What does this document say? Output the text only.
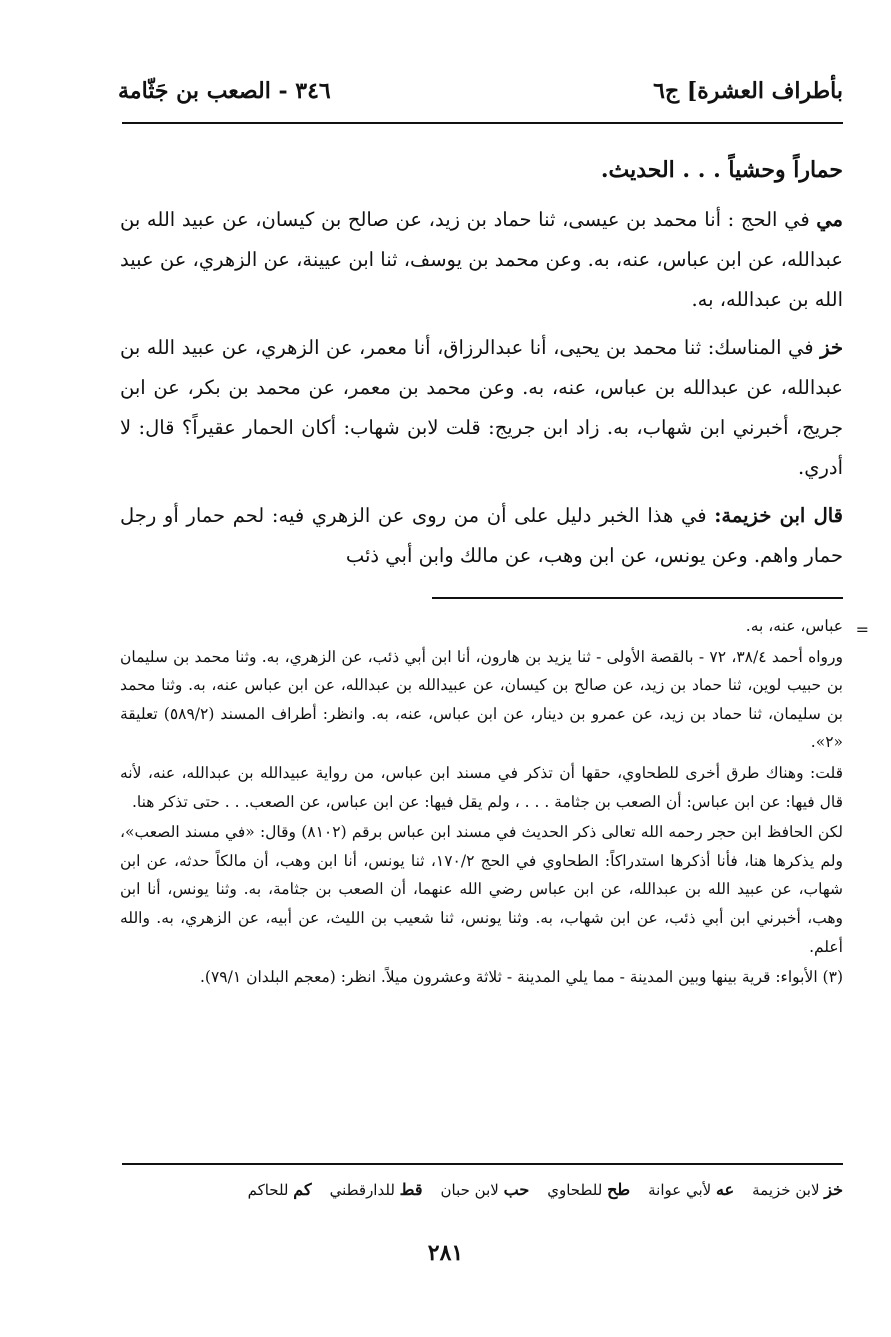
بأطراف العشرة] ج٦
٣٤٦ - الصعب بن جَثّامة

حماراً وحشياً . . . الحديث.

مي في الحج : أنا محمد بن عيسى، ثنا حماد بن زيد، عن صالح بن كيسان، عن عبيد الله بن عبدالله، عن ابن عباس، عنه، به. وعن محمد بن يوسف، ثنا ابن عيينة، عن الزهري، عن عبيد الله بن عبدالله، به.

خز في المناسك: ثنا محمد بن يحيى، أنا عبدالرزاق، أنا معمر، عن الزهري، عن عبيد الله بن عبدالله، عن عبدالله بن عباس، عنه، به. وعن محمد بن معمر، عن محمد بن بكر، عن ابن جريج، أخبرني ابن شهاب، به. زاد ابن جريج: قلت لابن شهاب: أكان الحمار عقيراً؟ قال: لا أدري.

قال ابن خزيمة: في هذا الخبر دليل على أن من روى عن الزهري فيه: لحم حمار أو رجل حمار واهم. وعن يونس، عن ابن وهب، عن مالك وابن أبي ذئب

=

عباس، عنه، به.

ورواه أحمد ٣٨/٤، ٧٢ - بالقصة الأولى - ثنا يزيد بن هارون، أنا ابن أبي ذئب، عن الزهري، به. وثنا محمد بن سليمان بن حبيب لوين، ثنا حماد بن زيد، عن صالح بن كيسان، عن عبيدالله بن عبدالله، عن ابن عباس عنه، به. وثنا محمد بن سليمان، ثنا حماد بن زيد، عن عمرو بن دينار، عن ابن عباس، عنه، به. وانظر: أطراف المسند (٥٨٩/٢) تعليقة «٢».

قلت: وهناك طرق أخرى للطحاوي، حقها أن تذكر في مسند ابن عباس، من رواية عبيدالله بن عبدالله، عنه، لأنه قال فيها: عن ابن عباس: أن الصعب بن جثامة . . . ، ولم يقل فيها: عن ابن عباس، عن الصعب. . . حتى تذكر هنا.

لكن الحافظ ابن حجر رحمه الله تعالى ذكر الحديث في مسند ابن عباس برقم (٨١٠٢) وقال: «في مسند الصعب»، ولم يذكرها هنا، فأنا أذكرها استدراكاً: الطحاوي في الحج ١٧٠/٢، ثنا يونس، أنا ابن وهب، أن مالكاً حدثه، عن ابن شهاب، عن عبيد الله بن عبدالله، عن ابن عباس رضي الله عنهما، أن الصعب بن جثامة، به. وثنا يونس، أنا ابن وهب، أخبرني ابن أبي ذئب، عن ابن شهاب، به. وثنا يونس، ثنا شعيب بن الليث، عن أبيه، عن الزهري، به. والله أعلم.

(٣) الأبواء: قرية بينها وبين المدينة - مما يلي المدينة - ثلاثة وعشرون ميلاً. انظر: (معجم البلدان ٧٩/١).

خز لابن خزيمة
عه لأبي عوانة
طح للطحاوي
حب لابن حبان
قط للدارقطني
كم للحاكم
٢٨١
